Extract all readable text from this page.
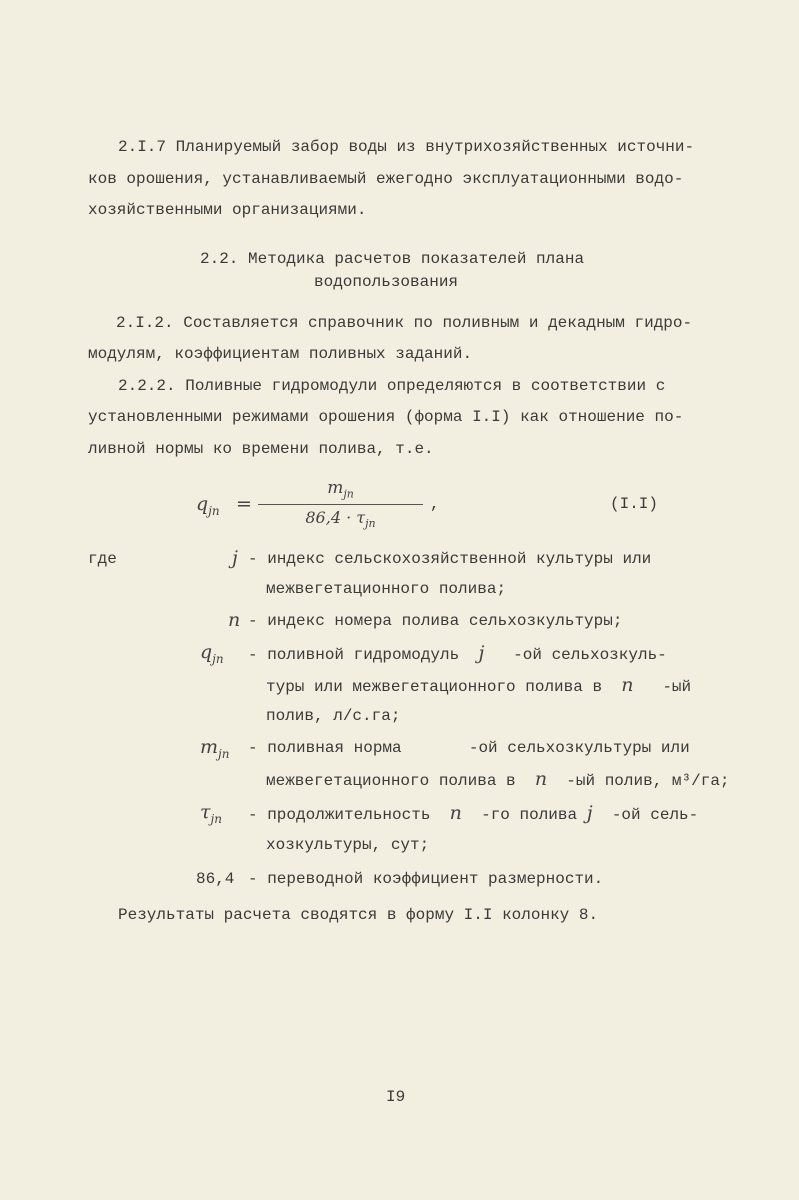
2.I.7 Планируемый забор воды из внутрихозяйственных источни-
ков орошения, устанавливаемый ежегодно эксплуатационными водо-
хозяйственными организациями.
2.2. Методика расчетов показателей плана
водопользования
2.I.2. Составляется справочник по поливным и декадным гидро-
модулям, коэффициентам поливных заданий.
2.2.2. Поливные гидромодули определяются в соответствии с
установленными режимами орошения (форма I.I) как отношение по-
ливной нормы ко времени полива, т.е.
$q_{jn}$ =
$m_{jn}$
$86,4 \cdot \tau_{jn}$
,	(I.I)
где	j - индекс сельскохозяйственной культуры или
межвегетационного полива;
n - индекс номера полива сельхозкультуры;
$q_{jn}$ - поливной гидромодуль j -ой сельхозкуль-
туры или межвегетационного полива в n -ый
полив, л/с.га;
$m_{jn}$ - поливная норма       -ой сельхозкультуры или
межвегетационного полива в n -ый полив, м³/га;
$\tau_{jn}$ - продолжительность n -го полива j -ой сель-
хозкультуры, сут;
86,4 - переводной коэффициент размерности.
Результаты расчета сводятся в форму I.I колонку 8.
I9
